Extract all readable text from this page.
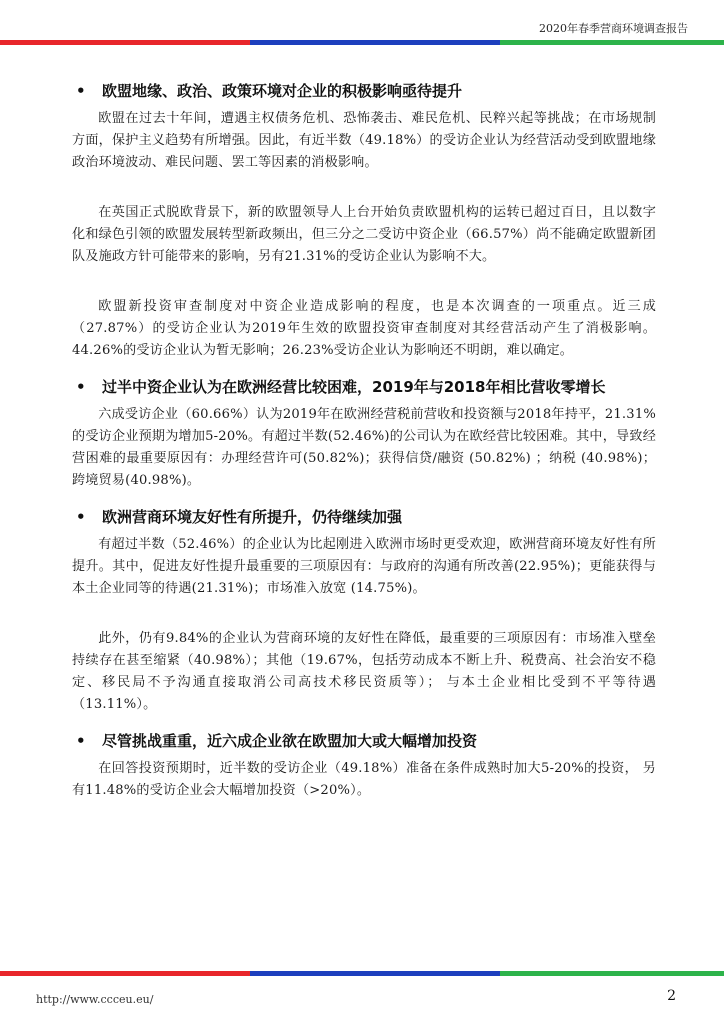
2020年春季营商环境调查报告
• 欧盟地缘、政治、政策环境对企业的积极影响亟待提升

欧盟在过去十年间，遭遇主权债务危机、恐怖袭击、难民危机、民粹兴起等挑战；在市场规制方面，保护主义趋势有所增强。因此，有近半数（49.18%）的受访企业认为经营活动受到欧盟地缘政治环境波动、难民问题、罢工等因素的消极影响。

在英国正式脱欧背景下，新的欧盟领导人上台开始负责欧盟机构的运转已超过百日，且以数字化和绿色引领的欧盟发展转型新政频出，但三分之二受访中资企业（66.57%）尚不能确定欧盟新团队及施政方针可能带来的影响，另有21.31%的受访企业认为影响不大。

欧盟新投资审查制度对中资企业造成影响的程度，也是本次调查的一项重点。近三成（27.87%）的受访企业认为2019年生效的欧盟投资审查制度对其经营活动产生了消极影响。44.26%的受访企业认为暂无影响；26.23%受访企业认为影响还不明朗，难以确定。

• 过半中资企业认为在欧洲经营比较困难，2019年与2018年相比营收零增长

六成受访企业（60.66%）认为2019年在欧洲经营税前营收和投资额与2018年持平，21.31%的受访企业预期为增加5-20%。有超过半数(52.46%)的公司认为在欧经营比较困难。其中，导致经营困难的最重要原因有：办理经营许可(50.82%)；获得信贷/融资 (50.82%) ；纳税 (40.98%)；跨境贸易(40.98%)。

• 欧洲营商环境友好性有所提升，仍待继续加强

有超过半数（52.46%）的企业认为比起刚进入欧洲市场时更受欢迎，欧洲营商环境友好性有所提升。其中，促进友好性提升最重要的三项原因有：与政府的沟通有所改善(22.95%)；更能获得与本土企业同等的待遇(21.31%)；市场准入放宽 (14.75%)。

此外，仍有9.84%的企业认为营商环境的友好性在降低，最重要的三项原因有：市场准入壁垒持续存在甚至缩紧（40.98%）；其他（19.67%，包括劳动成本不断上升、税费高、社会治安不稳定、移民局不予沟通直接取消公司高技术移民资质等）； 与本土企业相比受到不平等待遇（13.11%）。

• 尽管挑战重重，近六成企业欲在欧盟加大或大幅增加投资

在回答投资预期时，近半数的受访企业（49.18%）准备在条件成熟时加大5-20%的投资， 另有11.48%的受访企业会大幅增加投资（>20%）。

http://www.ccceu.eu/	2
